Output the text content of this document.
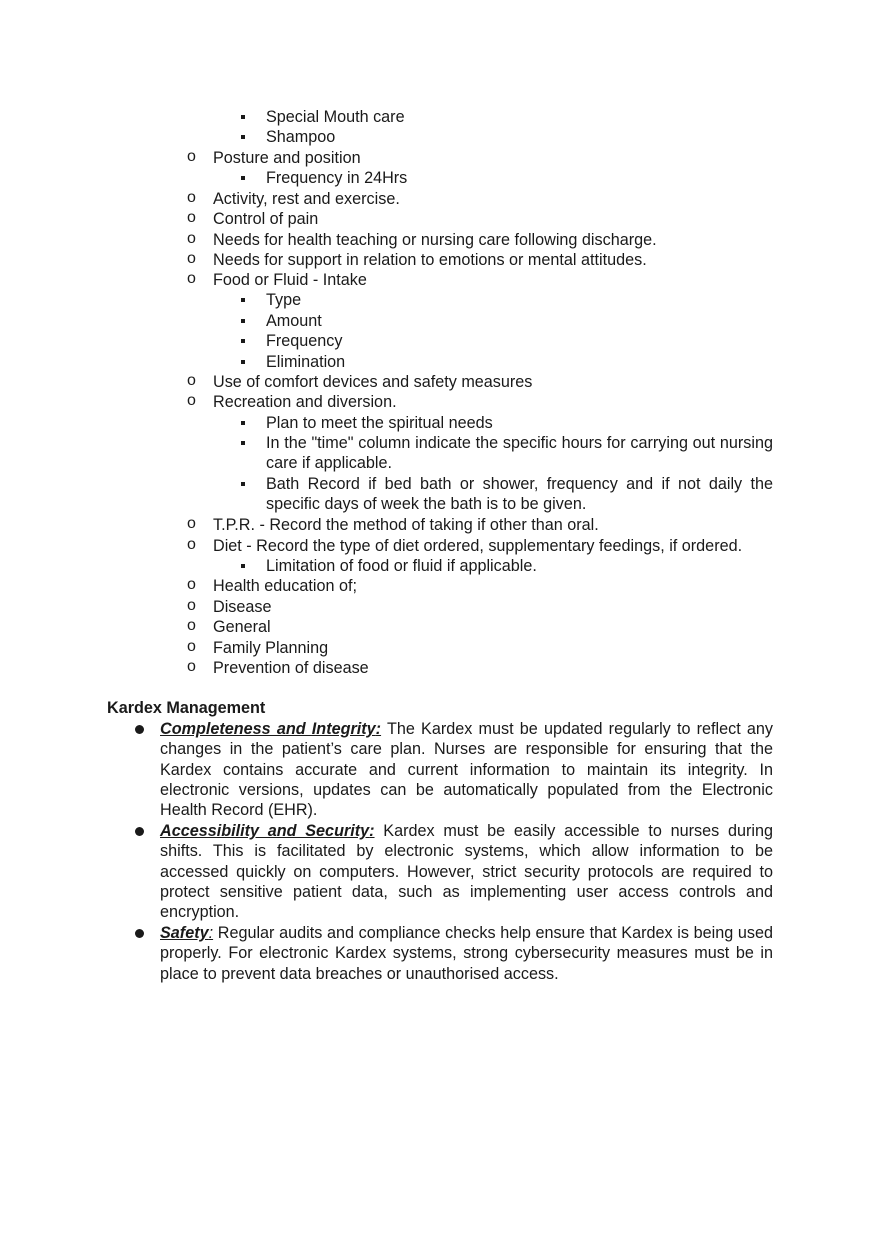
Special Mouth care
Shampoo
o Posture and position
Frequency in 24Hrs
o Activity, rest and exercise.
o Control of pain
o Needs for health teaching or nursing care following discharge.
o Needs for support in relation to emotions or mental attitudes.
o Food or Fluid - Intake
Type
Amount
Frequency
Elimination
o Use of comfort devices and safety measures
o Recreation and diversion.
Plan to meet the spiritual needs
In the "time" column indicate the specific hours for carrying out nursing care if applicable.
Bath Record if bed bath or shower, frequency and if not daily the specific days of week the bath is to be given.
o T.P.R. - Record the method of taking if other than oral.
o Diet - Record the type of diet ordered, supplementary feedings, if ordered.
Limitation of food or fluid if applicable.
o Health education of;
o Disease
o General
o Family Planning
o Prevention of disease
Kardex Management
Completeness and Integrity: The Kardex must be updated regularly to reflect any changes in the patient’s care plan. Nurses are responsible for ensuring that the Kardex contains accurate and current information to maintain its integrity. In electronic versions, updates can be automatically populated from the Electronic Health Record (EHR).
Accessibility and Security: Kardex must be easily accessible to nurses during shifts. This is facilitated by electronic systems, which allow information to be accessed quickly on computers. However, strict security protocols are required to protect sensitive patient data, such as implementing user access controls and encryption.
Safety: Regular audits and compliance checks help ensure that Kardex is being used properly. For electronic Kardex systems, strong cybersecurity measures must be in place to prevent data breaches or unauthorised access.
